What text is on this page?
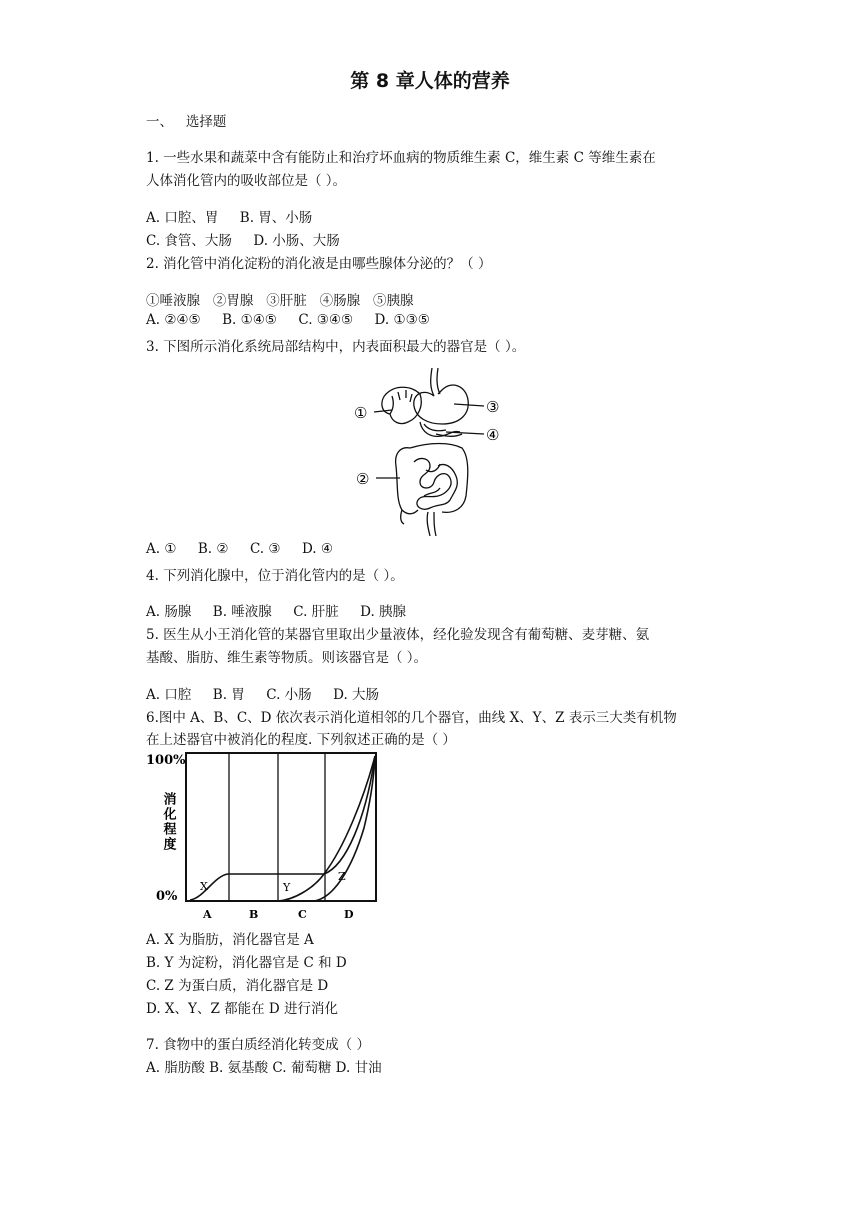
第 8 章人体的营养
一、 选择题
1. 一些水果和蔬菜中含有能防止和治疗坏血病的物质维生素 C，维生素 C 等维生素在
人体消化管内的吸收部位是（ ）。
A. 口腔、胃     B. 胃、小肠
C. 食管、大肠     D. 小肠、大肠
2. 消化管中消化淀粉的消化液是由哪些腺体分泌的？（ ）
①唾液腺   ②胃腺   ③肝脏   ④肠腺   ⑤胰腺
A. ②④⑤     B. ①④⑤     C. ③④⑤     D. ①③⑤
3. 下图所示消化系统局部结构中，内表面积最大的器官是（ ）。
①
②
③
④
A. ①     B. ②     C. ③     D. ④
4. 下列消化腺中，位于消化管内的是（ ）。
A. 肠腺     B. 唾液腺     C. 肝脏     D. 胰腺
5. 医生从小王消化管的某器官里取出少量液体，经化验发现含有葡萄糖、麦芽糖、氨
基酸、脂肪、维生素等物质。则该器官是（ ）。
A. 口腔     B. 胃     C. 小肠     D. 大肠
6.图中 A、B、C、D 依次表示消化道相邻的几个器官，曲线 X、Y、Z 表示三大类有机物
在上述器官中被消化的程度. 下列叙述正确的是（ ）
100%
0%
消化程度
X	Y
Z
A	B	C	D
A. X 为脂肪，消化器官是 A
B. Y 为淀粉，消化器官是 C 和 D
C. Z 为蛋白质，消化器官是 D
D. X、Y、Z 都能在 D 进行消化
7. 食物中的蛋白质经消化转变成（ ）
A. 脂肪酸 B. 氨基酸 C. 葡萄糖 D. 甘油
